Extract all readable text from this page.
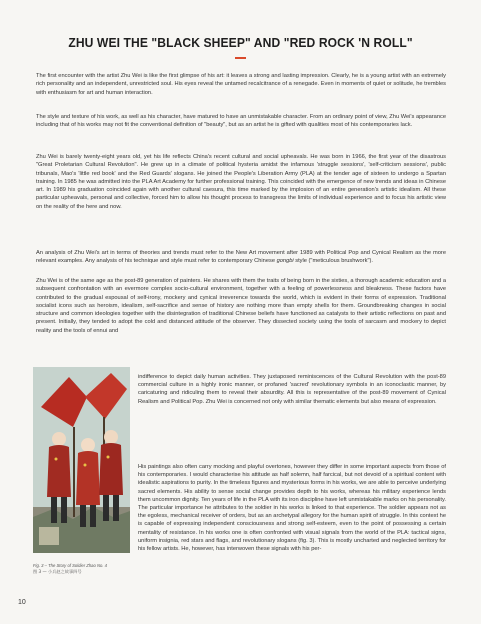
ZHU WEI THE "BLACK SHEEP" AND "RED ROCK 'N ROLL"

The first encounter with the artist Zhu Wei is like the first glimpse of his art: it leaves a strong and lasting impression. Clearly, he is a young artist with an extremely rich personality and an independent, unrestricted soul. His eyes reveal the untamed recalcitrance of a renegade. Even in moments of quiet or solitude, he trembles with enthusiasm for art and human interaction.

The style and texture of his work, as well as his character, have matured to have an unmistakable character. From an ordinary point of view, Zhu Wei's appearance including that of his works may not fit the conventional definition of "beauty", but as an artist he is gifted with qualities most of his contemporaries lack.

Zhu Wei is barely twenty-eight years old, yet his life reflects China's recent cultural and social upheavals. He was born in 1966, the first year of the disastrous "Great Proletarian Cultural Revolution". He grew up in a climate of political hysteria amidst the infamous 'struggle sessions', 'self-criticism sessions', public tribunals, Mao's 'little red book' and the Red Guards' slogans. He joined the People's Liberation Army (PLA) at the tender age of sixteen to undergo a Spartan training. In 1985 he was admitted into the PLA Art Academy for further professional training. This coincided with the emergence of new trends and ideas in Chinese art. In 1989 his graduation coincided again with another cultural caesura, this time marked by the implosion of an entire generation's artistic idealism. All these particular upheavals, personal and collective, forced him to allow his thought process to transgress the limits of individual experience and to focus his artistic view on the reality of the here and now.

An analysis of Zhu Wei's art in terms of theories and trends must refer to the New Art movement after 1989 with Political Pop and Cynical Realism as the more relevant examples. Any analysis of his technique and style must refer to contemporary Chinese gongbi style ("meticulous brushwork").

Zhu Wei is of the same age as the post-89 generation of painters. He shares with them the traits of being born in the sixties, a thorough academic education and a subsequent confrontation with an evermore complex socio-cultural environment, together with a feeling of powerlessness and bleakness. These factors have contributed to the gradual espousal of self-irony, mockery and cynical irreverence towards the world, which is evident in their forms of expression. Traditional socialist icons such as heroism, idealism, self-sacrifice and sense of history are nothing more than empty shells for them. Groundbreaking changes in social structure and common ideologies together with the disintegration of traditional Chinese beliefs have functioned as catalysts to their artistic reflections on past and present. Initially, they tended to adopt the cold and distanced attitude of the observer. They dissected society using the tools of sarcasm and mockery to depict reality and the tools of ennui and

Fig. 3 – The Story of Soldier Zhao No. 4
图 3 — 小兵赵之故事四号

indifference to depict daily human activities. They juxtaposed reminiscences of the Cultural Revolution with the post-89 commercial culture in a highly ironic manner, or profaned 'sacred' revolutionary symbols in an iconoclastic manner, by caricaturing and ridiculing them to reveal their absurdity. All this is representative of the post-89 movement of Cynical Realism and Political Pop. Zhu Wei is concerned not only with similar thematic elements but also means of expression.

His paintings also often carry mocking and playful overtones, however they differ in some important aspects from those of his contemporaries. I would characterise his attitude as half solemn, half farcical, but not devoid of a spiritual content with idealistic aspirations to purity. In the timeless figures and mysterious forms in his works, we are able to perceive underlying sacred elements. His ability to sense social change provides depth to his works, whereas his military experience lends them uncommon dignity. Ten years of life in the PLA with its iron discipline have left unmistakable marks on his personality. The particular importance he attributes to the soldier in his works is linked to that experience. The soldier appears not as the egoless, mechanical receiver of orders, but as an archetypal allegory for the human spirit of struggle. In this context he is capable of expressing independent consciousness and strong self-esteem, even to the point of possessing a certain mentality of resistance. In his works one is often confronted with visual signals from the world of the PLA: tactical signs, uniform insignia, red stars and flags, and revolutionary slogans (fig. 3). This is mostly uncharted and neglected territory for his fellow artists. He, however, has interwoven these signals with his per-

10
